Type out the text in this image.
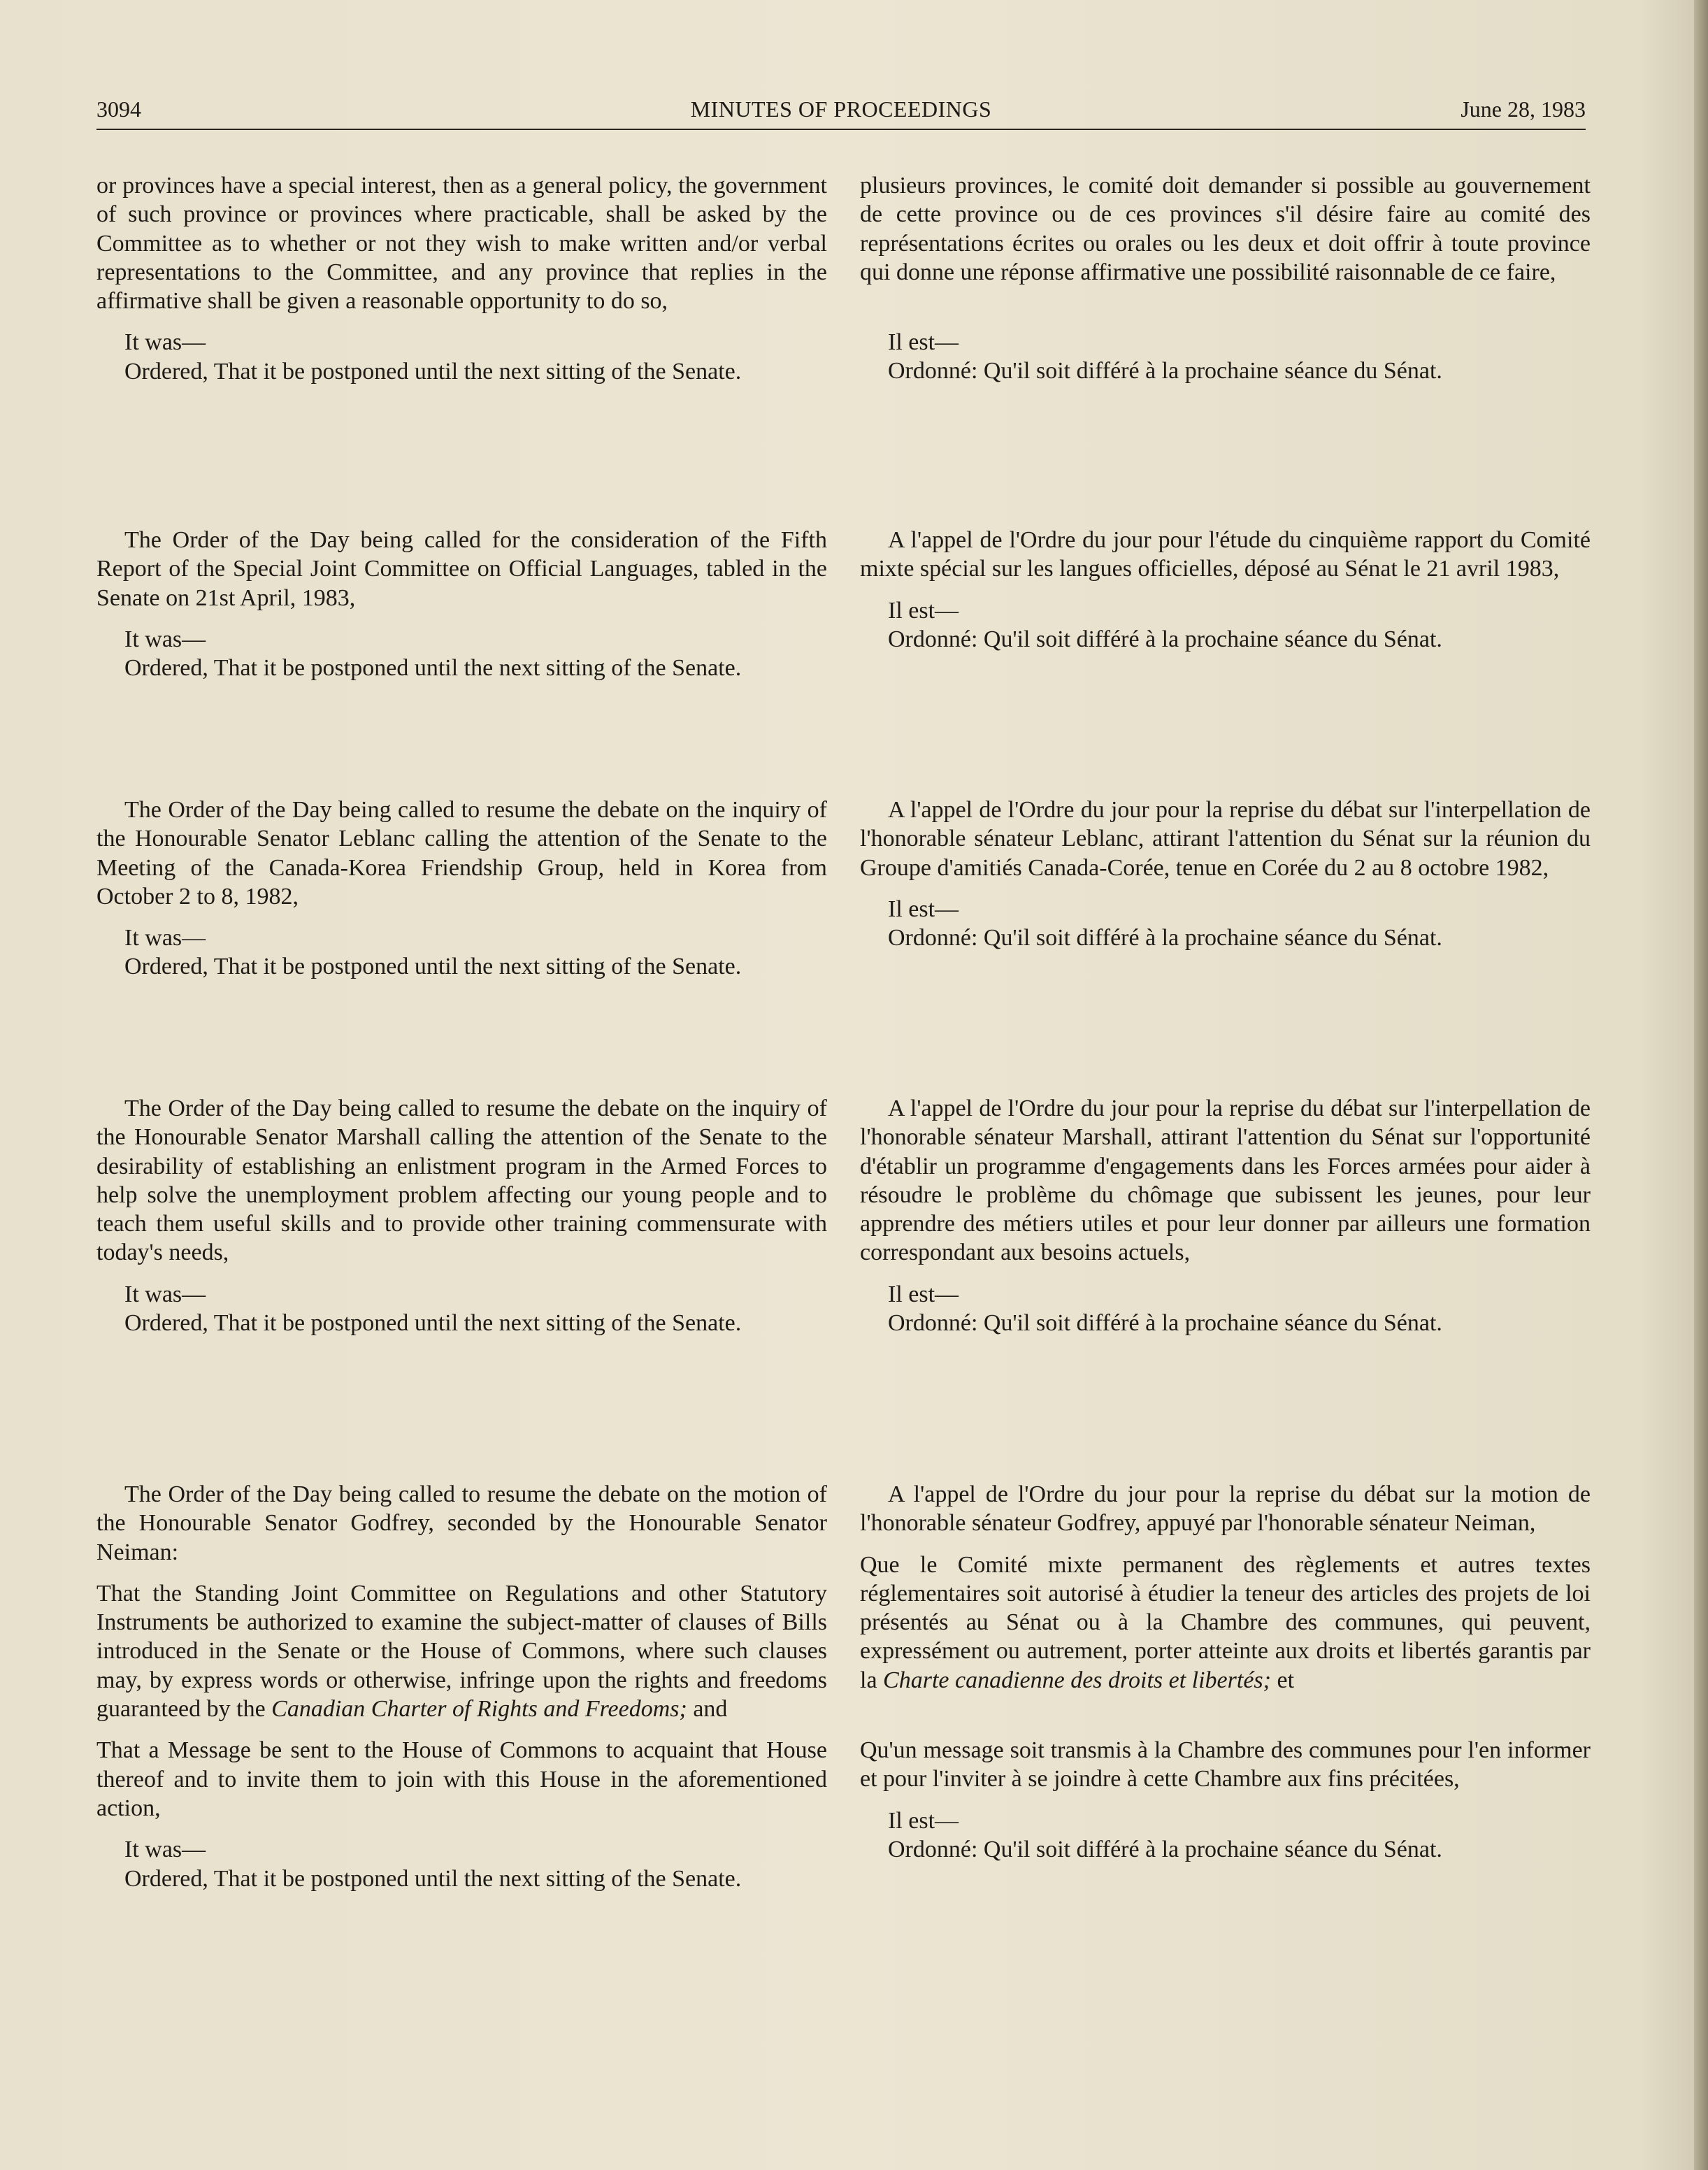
3094	MINUTES OF PROCEEDINGS	June 28, 1983

or provinces have a special interest, then as a general policy, the government of such province or provinces where practicable, shall be asked by the Committee as to whether or not they wish to make written and/or verbal representations to the Committee, and any province that replies in the affirmative shall be given a reasonable opportunity to do so,

It was—

Ordered, That it be postponed until the next sitting of the Senate.

The Order of the Day being called for the consideration of the Fifth Report of the Special Joint Committee on Official Languages, tabled in the Senate on 21st April, 1983,

It was—

Ordered, That it be postponed until the next sitting of the Senate.

The Order of the Day being called to resume the debate on the inquiry of the Honourable Senator Leblanc calling the attention of the Senate to the Meeting of the Canada-Korea Friendship Group, held in Korea from October 2 to 8, 1982,

It was—

Ordered, That it be postponed until the next sitting of the Senate.

The Order of the Day being called to resume the debate on the inquiry of the Honourable Senator Marshall calling the attention of the Senate to the desirability of establishing an enlistment program in the Armed Forces to help solve the unemployment problem affecting our young people and to teach them useful skills and to provide other training commensurate with today's needs,

It was—

Ordered, That it be postponed until the next sitting of the Senate.

The Order of the Day being called to resume the debate on the motion of the Honourable Senator Godfrey, seconded by the Honourable Senator Neiman:

That the Standing Joint Committee on Regulations and other Statutory Instruments be authorized to examine the subject-matter of clauses of Bills introduced in the Senate or the House of Commons, where such clauses may, by express words or otherwise, infringe upon the rights and freedoms guaranteed by the Canadian Charter of Rights and Freedoms; and

That a Message be sent to the House of Commons to acquaint that House thereof and to invite them to join with this House in the aforementioned action,

It was—

Ordered, That it be postponed until the next sitting of the Senate.

plusieurs provinces, le comité doit demander si possible au gouvernement de cette province ou de ces provinces s'il désire faire au comité des représentations écrites ou orales ou les deux et doit offrir à toute province qui donne une réponse affirmative une possibilité raisonnable de ce faire,

Il est—

Ordonné: Qu'il soit différé à la prochaine séance du Sénat.

A l'appel de l'Ordre du jour pour l'étude du cinquième rapport du Comité mixte spécial sur les langues officielles, déposé au Sénat le 21 avril 1983,

Il est—

Ordonné: Qu'il soit différé à la prochaine séance du Sénat.

A l'appel de l'Ordre du jour pour la reprise du débat sur l'interpellation de l'honorable sénateur Leblanc, attirant l'attention du Sénat sur la réunion du Groupe d'amitiés Canada-Corée, tenue en Corée du 2 au 8 octobre 1982,

Il est—

Ordonné: Qu'il soit différé à la prochaine séance du Sénat.

A l'appel de l'Ordre du jour pour la reprise du débat sur l'interpellation de l'honorable sénateur Marshall, attirant l'attention du Sénat sur l'opportunité d'établir un programme d'engagements dans les Forces armées pour aider à résoudre le problème du chômage que subissent les jeunes, pour leur apprendre des métiers utiles et pour leur donner par ailleurs une formation correspondant aux besoins actuels,

Il est—

Ordonné: Qu'il soit différé à la prochaine séance du Sénat.

A l'appel de l'Ordre du jour pour la reprise du débat sur la motion de l'honorable sénateur Godfrey, appuyé par l'honorable sénateur Neiman,

Que le Comité mixte permanent des règlements et autres textes réglementaires soit autorisé à étudier la teneur des articles des projets de loi présentés au Sénat ou à la Chambre des communes, qui peuvent, expressément ou autrement, porter atteinte aux droits et libertés garantis par la Charte canadienne des droits et libertés; et

Qu'un message soit transmis à la Chambre des communes pour l'en informer et pour l'inviter à se joindre à cette Chambre aux fins précitées,

Il est—

Ordonné: Qu'il soit différé à la prochaine séance du Sénat.
